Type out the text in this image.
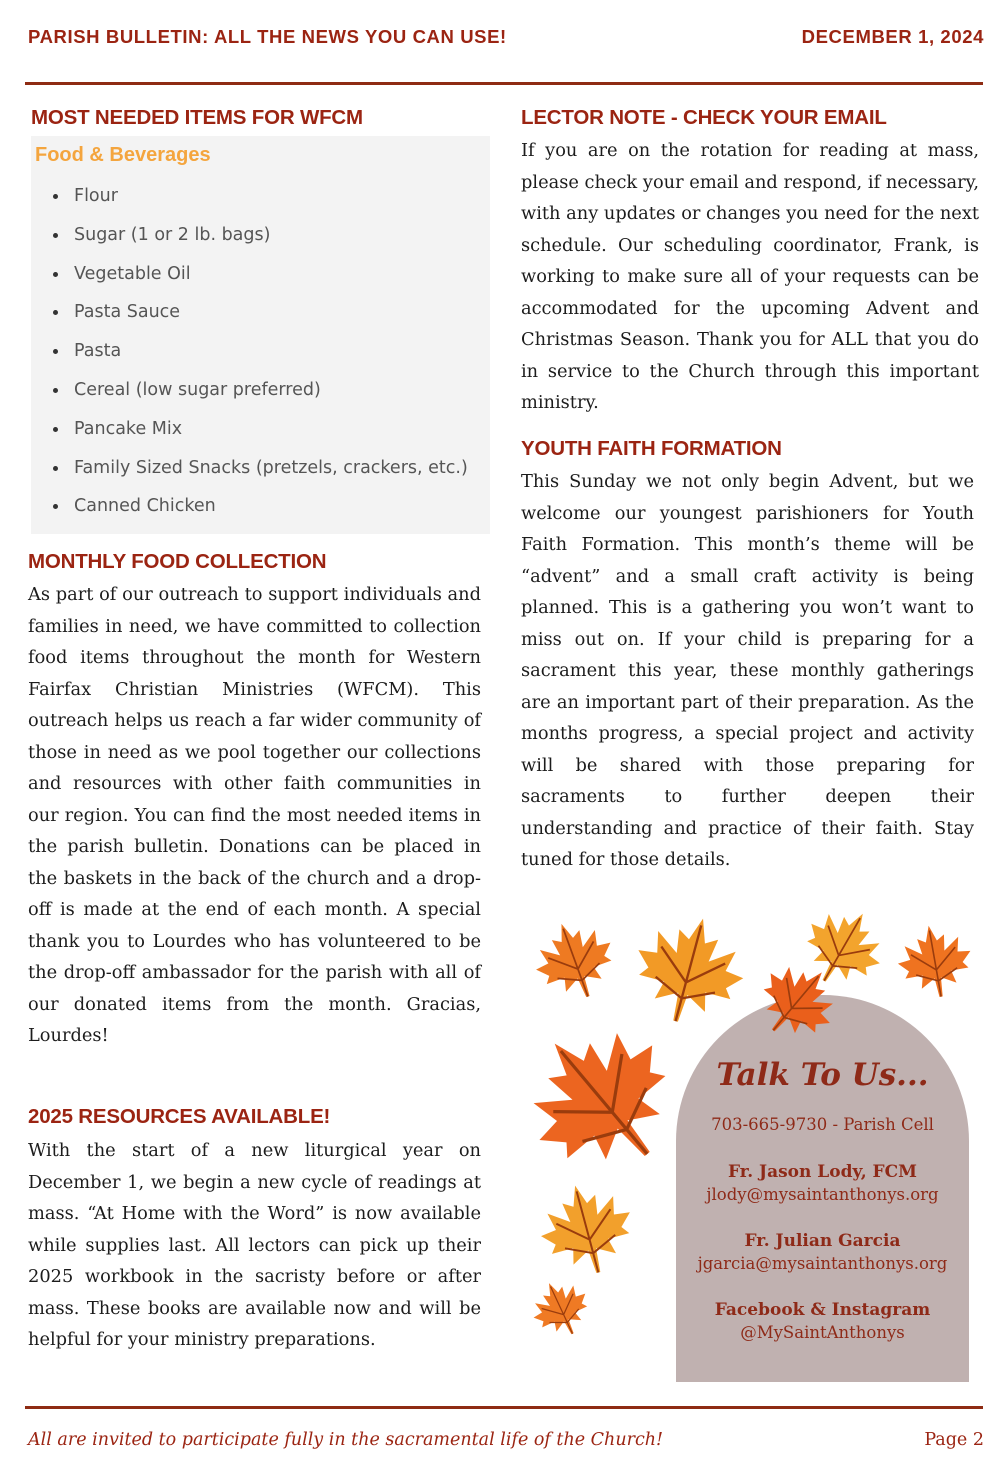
PARISH BULLETIN: ALL THE NEWS YOU CAN USE!	DECEMBER 1, 2024
MOST NEEDED ITEMS FOR WFCM
Food & Beverages
Flour
Sugar (1 or 2 lb. bags)
Vegetable Oil
Pasta Sauce
Pasta
Cereal (low sugar preferred)
Pancake Mix
Family Sized Snacks (pretzels, crackers, etc.)
Canned Chicken
MONTHLY FOOD COLLECTION

As part of our outreach to support individuals and families in need, we have committed to collection food items throughout the month for Western Fairfax Christian Ministries (WFCM). This outreach helps us reach a far wider community of those in need as we pool together our collections and resources with other faith communities in our region. You can find the most needed items in the parish bulletin. Donations can be placed in the baskets in the back of the church and a drop-off is made at the end of each month. A special thank you to Lourdes who has volunteered to be the drop-off ambassador for the parish with all of our donated items from the month. Gracias, Lourdes!

2025 RESOURCES AVAILABLE!

With the start of a new liturgical year on December 1, we begin a new cycle of readings at mass. “At Home with the Word” is now available while supplies last. All lectors can pick up their 2025 workbook in the sacristy before or after mass. These books are available now and will be helpful for your ministry preparations.

LECTOR NOTE - CHECK YOUR EMAIL

If you are on the rotation for reading at mass, please check your email and respond, if necessary, with any updates or changes you need for the next schedule. Our scheduling coordinator, Frank, is working to make sure all of your requests can be accommodated for the upcoming Advent and Christmas Season. Thank you for ALL that you do in service to the Church through this important ministry.

YOUTH FAITH FORMATION

This Sunday we not only begin Advent, but we welcome our youngest parishioners for Youth Faith Formation. This month’s theme will be “advent” and a small craft activity is being planned. This is a gathering you won’t want to miss out on. If your child is preparing for a sacrament this year, these monthly gatherings are an important part of their preparation. As the months progress, a special project and activity will be shared with those preparing for sacraments to further deepen their understanding and practice of their faith. Stay tuned for those details.

Talk To Us...
703-665-9730 - Parish Cell
Fr. Jason Lody, FCM
jlody@mysaintanthonys.org
Fr. Julian Garcia
jgarcia@mysaintanthonys.org
Facebook & Instagram
@MySaintAnthonys
All are invited to participate fully in the sacramental life of the Church!	Page 2
